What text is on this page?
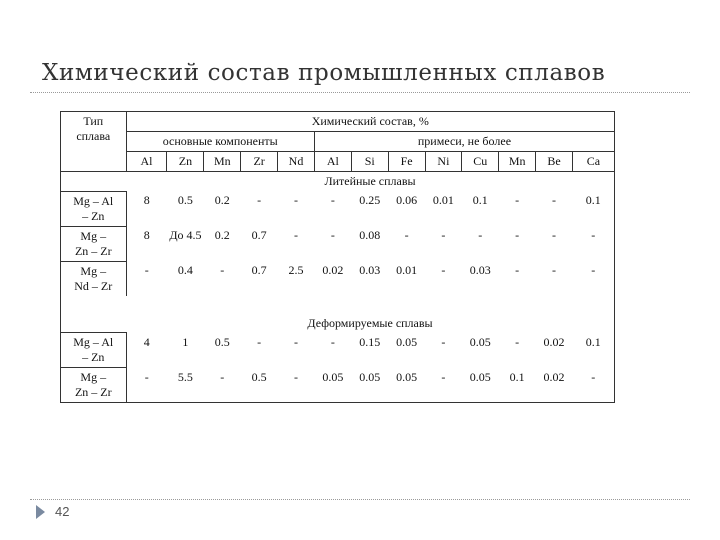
Химический состав промышленных сплавов
Тип
сплава	Химический состав, %												
	основные компоненты					примеси, не более							
	Al	Zn	Mn	Zr	Nd	Al	Si	Fe	Ni	Cu	Mn	Be	Ca
	Литейные сплавы												

Mg – Al
– Zn	8	0.5	0.2	-	-	-	0.25	0.06	0.01	0.1	-	-	0.1

Mg –
Zn – Zr	8	До 4.5	0.2	0.7	-	-	0.08	-	-	-	-	-	-

Mg –
Nd – Zr	-	0.4	-	0.7	2.5	0.02	0.03	0.01	-	0.03	-	-	-

	Деформируемые сплавы												

Mg – Al
– Zn	4	1	0.5	-	-	-	0.15	0.05	-	0.05	-	0.02	0.1

Mg –
Zn – Zr	-	5.5	-	0.5	-	0.05	0.05	0.05	-	0.05	0.1	0.02	-
42
